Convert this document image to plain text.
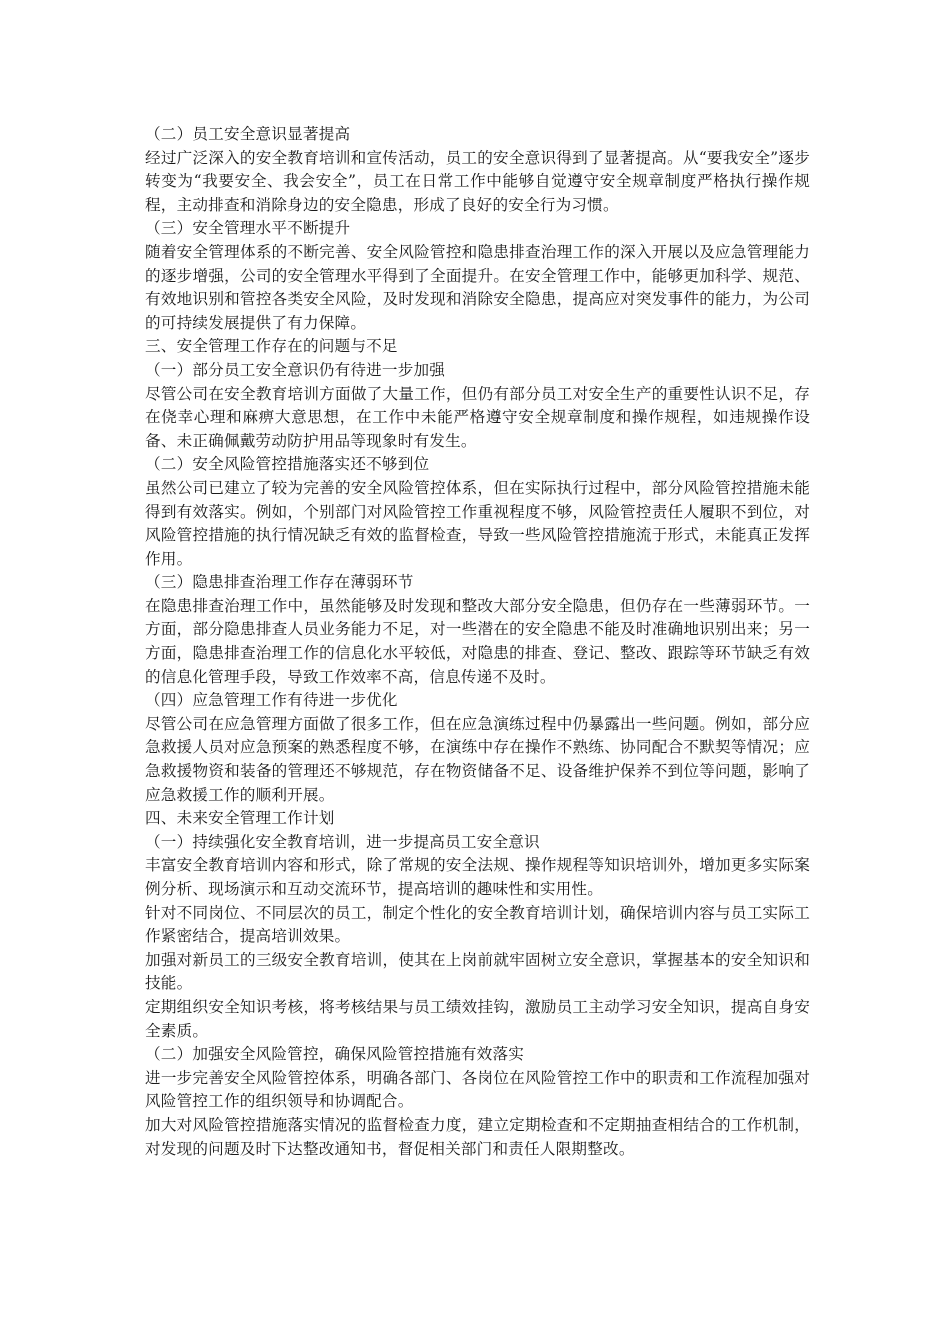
（二）员工安全意识显著提高

经过广泛深入的安全教育培训和宣传活动，员工的安全意识得到了显著提高。从“要我安全”逐步转变为“我要安全、我会安全”，员工在日常工作中能够自觉遵守安全规章制度严格执行操作规程，主动排查和消除身边的安全隐患，形成了良好的安全行为习惯。

（三）安全管理水平不断提升

随着安全管理体系的不断完善、安全风险管控和隐患排查治理工作的深入开展以及应急管理能力的逐步增强，公司的安全管理水平得到了全面提升。在安全管理工作中，能够更加科学、规范、有效地识别和管控各类安全风险，及时发现和消除安全隐患，提高应对突发事件的能力，为公司的可持续发展提供了有力保障。

三、安全管理工作存在的问题与不足

（一）部分员工安全意识仍有待进一步加强

尽管公司在安全教育培训方面做了大量工作，但仍有部分员工对安全生产的重要性认识不足，存在侥幸心理和麻痹大意思想，在工作中未能严格遵守安全规章制度和操作规程，如违规操作设备、未正确佩戴劳动防护用品等现象时有发生。

（二）安全风险管控措施落实还不够到位

虽然公司已建立了较为完善的安全风险管控体系，但在实际执行过程中，部分风险管控措施未能得到有效落实。例如，个别部门对风险管控工作重视程度不够，风险管控责任人履职不到位，对风险管控措施的执行情况缺乏有效的监督检查，导致一些风险管控措施流于形式，未能真正发挥作用。

（三）隐患排查治理工作存在薄弱环节

在隐患排查治理工作中，虽然能够及时发现和整改大部分安全隐患，但仍存在一些薄弱环节。一方面，部分隐患排查人员业务能力不足，对一些潜在的安全隐患不能及时准确地识别出来；另一方面，隐患排查治理工作的信息化水平较低，对隐患的排查、登记、整改、跟踪等环节缺乏有效的信息化管理手段，导致工作效率不高，信息传递不及时。

（四）应急管理工作有待进一步优化

尽管公司在应急管理方面做了很多工作，但在应急演练过程中仍暴露出一些问题。例如，部分应急救援人员对应急预案的熟悉程度不够，在演练中存在操作不熟练、协同配合不默契等情况；应急救援物资和装备的管理还不够规范，存在物资储备不足、设备维护保养不到位等问题，影响了应急救援工作的顺利开展。

四、未来安全管理工作计划

（一）持续强化安全教育培训，进一步提高员工安全意识

丰富安全教育培训内容和形式，除了常规的安全法规、操作规程等知识培训外，增加更多实际案例分析、现场演示和互动交流环节，提高培训的趣味性和实用性。

针对不同岗位、不同层次的员工，制定个性化的安全教育培训计划，确保培训内容与员工实际工作紧密结合，提高培训效果。

加强对新员工的三级安全教育培训，使其在上岗前就牢固树立安全意识，掌握基本的安全知识和技能。

定期组织安全知识考核，将考核结果与员工绩效挂钩，激励员工主动学习安全知识，提高自身安全素质。

（二）加强安全风险管控，确保风险管控措施有效落实

进一步完善安全风险管控体系，明确各部门、各岗位在风险管控工作中的职责和工作流程加强对风险管控工作的组织领导和协调配合。

加大对风险管控措施落实情况的监督检查力度，建立定期检查和不定期抽查相结合的工作机制，对发现的问题及时下达整改通知书，督促相关部门和责任人限期整改。
